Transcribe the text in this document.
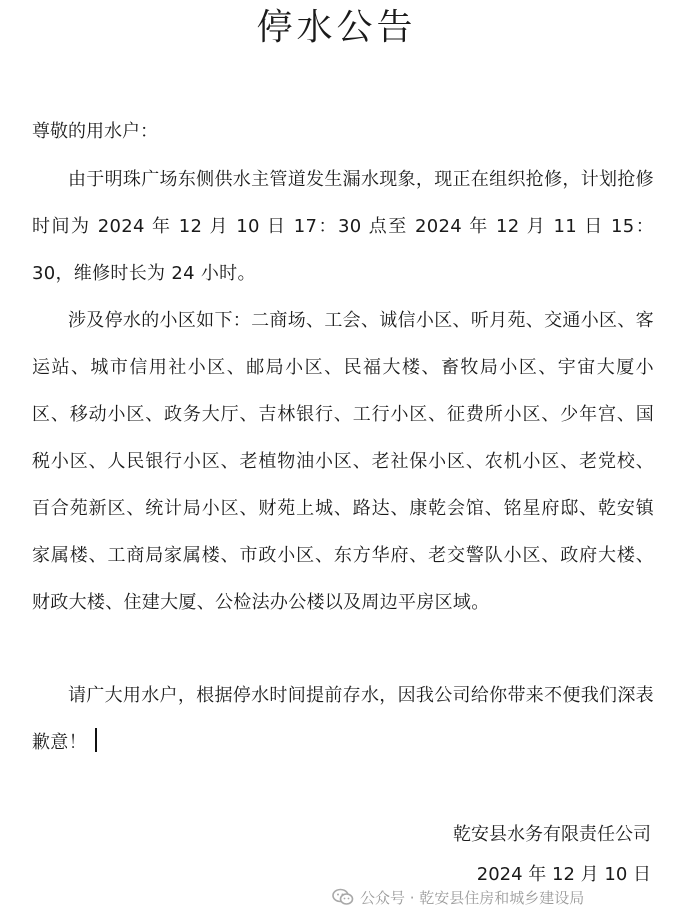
停水公告
尊敬的用水户：

由于明珠广场东侧供水主管道发生漏水现象，现正在组织抢修，计划抢修时间为 2024 年 12 月 10 日 17：30 点至 2024 年 12 月 11 日 15：30，维修时长为 24 小时。

涉及停水的小区如下：二商场、工会、诚信小区、听月苑、交通小区、客运站、城市信用社小区、邮局小区、民福大楼、畜牧局小区、宇宙大厦小区、移动小区、政务大厅、吉林银行、工行小区、征费所小区、少年宫、国税小区、人民银行小区、老植物油小区、老社保小区、农机小区、老党校、百合苑新区、统计局小区、财苑上城、路达、康乾会馆、铭星府邸、乾安镇家属楼、工商局家属楼、市政小区、东方华府、老交警队小区、政府大楼、财政大楼、住建大厦、公检法办公楼以及周边平房区域。

请广大用水户，根据停水时间提前存水，因我公司给你带来不便我们深表歉意！

乾安县水务有限责任公司
2024 年 12 月 10 日
公众号 · 乾安县住房和城乡建设局
